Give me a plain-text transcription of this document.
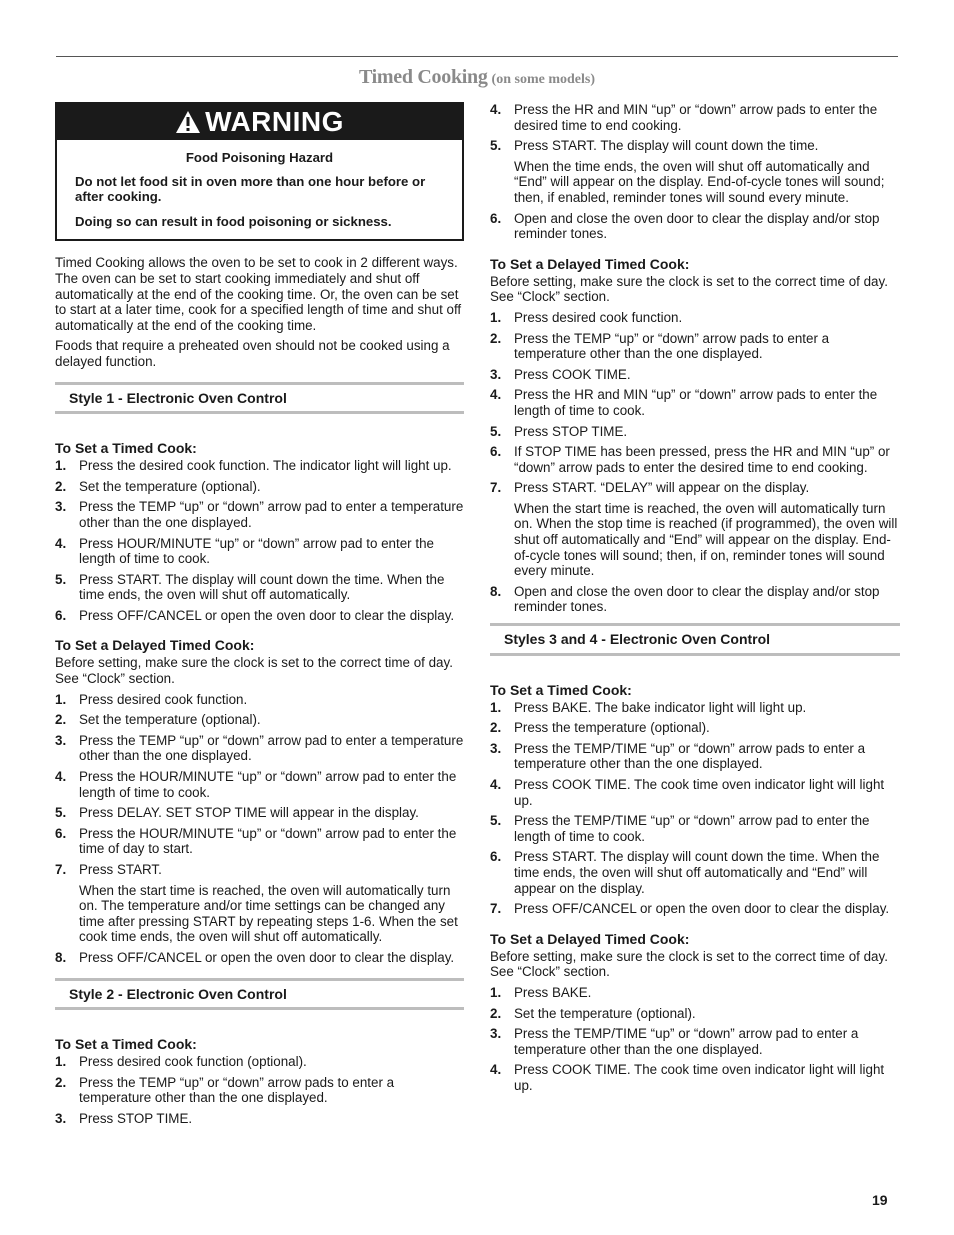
Timed Cooking (on some models)
WARNING

Food Poisoning Hazard

Do not let food sit in oven more than one hour before or after cooking.

Doing so can result in food poisoning or sickness.

Timed Cooking allows the oven to be set to cook in 2 different ways. The oven can be set to start cooking immediately and shut off automatically at the end of the cooking time. Or, the oven can be set to start at a later time, cook for a specified length of time and shut off automatically at the end of the cooking time.

Foods that require a preheated oven should not be cooked using a delayed function.

Style 1 - Electronic Oven Control
To Set a Timed Cook:
1. Press the desired cook function. The indicator light will light up.
2. Set the temperature (optional).
3. Press the TEMP “up” or “down” arrow pad to enter a temperature other than the one displayed.
4. Press HOUR/MINUTE “up” or “down” arrow pad to enter the length of time to cook.
5. Press START. The display will count down the time. When the time ends, the oven will shut off automatically.
6. Press OFF/CANCEL or open the oven door to clear the display.
To Set a Delayed Timed Cook:

Before setting, make sure the clock is set to the correct time of day. See “Clock” section.

1. Press desired cook function.
2. Set the temperature (optional).
3. Press the TEMP “up” or “down” arrow pad to enter a temperature other than the one displayed.
4. Press the HOUR/MINUTE “up” or “down” arrow pad to enter the length of time to cook.
5. Press DELAY. SET STOP TIME will appear in the display.
6. Press the HOUR/MINUTE “up” or “down” arrow pad to enter the time of day to start.
7. Press START.
When the start time is reached, the oven will automatically turn on. The temperature and/or time settings can be changed any time after pressing START by repeating steps 1-6. When the set cook time ends, the oven will shut off automatically.
8. Press OFF/CANCEL or open the oven door to clear the display.
Style 2 - Electronic Oven Control
To Set a Timed Cook:
1. Press desired cook function (optional).
2. Press the TEMP “up” or “down” arrow pads to enter a temperature other than the one displayed.
3. Press STOP TIME.
4. Press the HR and MIN “up” or “down” arrow pads to enter the desired time to end cooking.
5. Press START. The display will count down the time.
When the time ends, the oven will shut off automatically and “End” will appear on the display. End-of-cycle tones will sound; then, if enabled, reminder tones will sound every minute.
6. Open and close the oven door to clear the display and/or stop reminder tones.
To Set a Delayed Timed Cook:

Before setting, make sure the clock is set to the correct time of day. See “Clock” section.

1. Press desired cook function.
2. Press the TEMP “up” or “down” arrow pads to enter a temperature other than the one displayed.
3. Press COOK TIME.
4. Press the HR and MIN “up” or “down” arrow pads to enter the length of time to cook.
5. Press STOP TIME.
6. If STOP TIME has been pressed, press the HR and MIN “up” or “down” arrow pads to enter the desired time to end cooking.
7. Press START. “DELAY” will appear on the display.
When the start time is reached, the oven will automatically turn on. When the stop time is reached (if programmed), the oven will shut off automatically and “End” will appear on the display. End-of-cycle tones will sound; then, if on, reminder tones will sound every minute.
8. Open and close the oven door to clear the display and/or stop reminder tones.
Styles 3 and 4 - Electronic Oven Control
To Set a Timed Cook:
1. Press BAKE. The bake indicator light will light up.
2. Press the temperature (optional).
3. Press the TEMP/TIME “up” or “down” arrow pads to enter a temperature other than the one displayed.
4. Press COOK TIME. The cook time oven indicator light will light up.
5. Press the TEMP/TIME “up” or “down” arrow pad to enter the length of time to cook.
6. Press START. The display will count down the time. When the time ends, the oven will shut off automatically and “End” will appear on the display.
7. Press OFF/CANCEL or open the oven door to clear the display.
To Set a Delayed Timed Cook:

Before setting, make sure the clock is set to the correct time of day. See “Clock” section.

1. Press BAKE.
2. Set the temperature (optional).
3. Press the TEMP/TIME “up” or “down” arrow pad to enter a temperature other than the one displayed.
4. Press COOK TIME. The cook time oven indicator light will light up.
19
